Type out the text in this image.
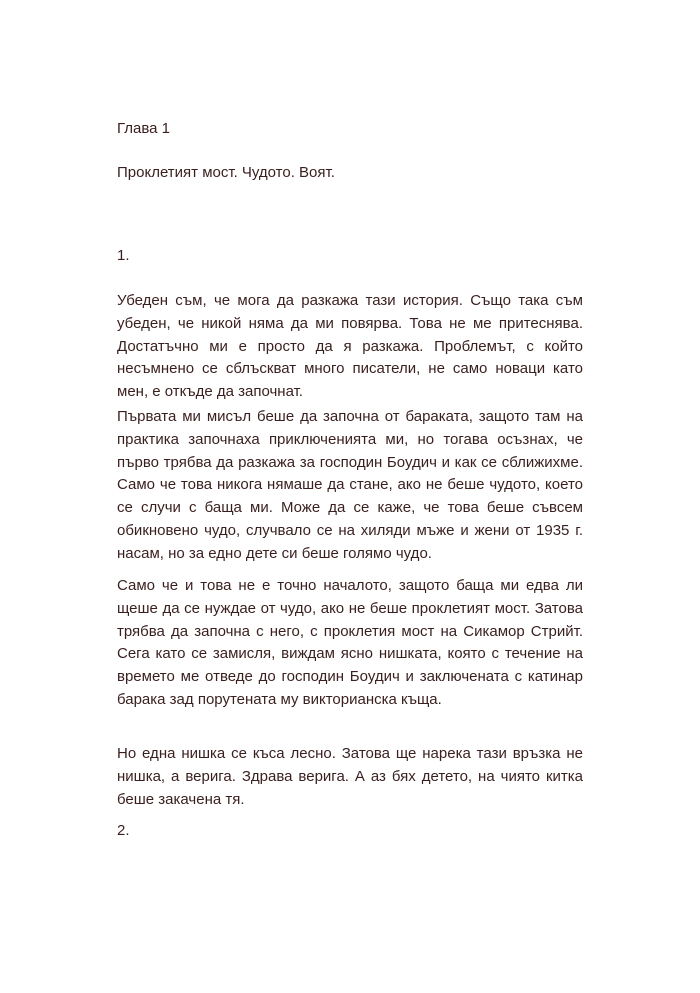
Глава 1
Проклетият мост. Чудото. Воят.
1.

Убеден съм, че мога да разкажа тази история. Също така съм убеден, че никой няма да ми повярва. Това не ме притеснява. Достатъчно ми е просто да я разкажа. Проблемът, с който несъмнено се сблъскват много писатели, не само новаци като мен, е откъде да започнат.

Първата ми мисъл беше да започна от бараката, защото там на практика започнаха приключенията ми, но тогава осъзнах, че първо трябва да разкажа за господин Боудич и как се сближихме. Само че това никога нямаше да стане, ако не беше чудото, което се случи с баща ми. Може да се каже, че това беше съвсем обикновено чудо, случвало се на хиляди мъже и жени от 1935 г. насам, но за едно дете си беше голямо чудо.

Само че и това не е точно началото, защото баща ми едва ли щеше да се нуждае от чудо, ако не беше проклетият мост. Затова трябва да започна с него, с проклетия мост на Сикамор Стрийт. Сега като се замисля, виждам ясно нишката, която с течение на времето ме отведе до господин Боудич и заключената с катинар барака зад порутената му викторианска къща.

Но една нишка се къса лесно. Затова ще нарека тази връзка не нишка, а верига. Здрава верига. А аз бях детето, на чиято китка беше закачена тя.

2.
